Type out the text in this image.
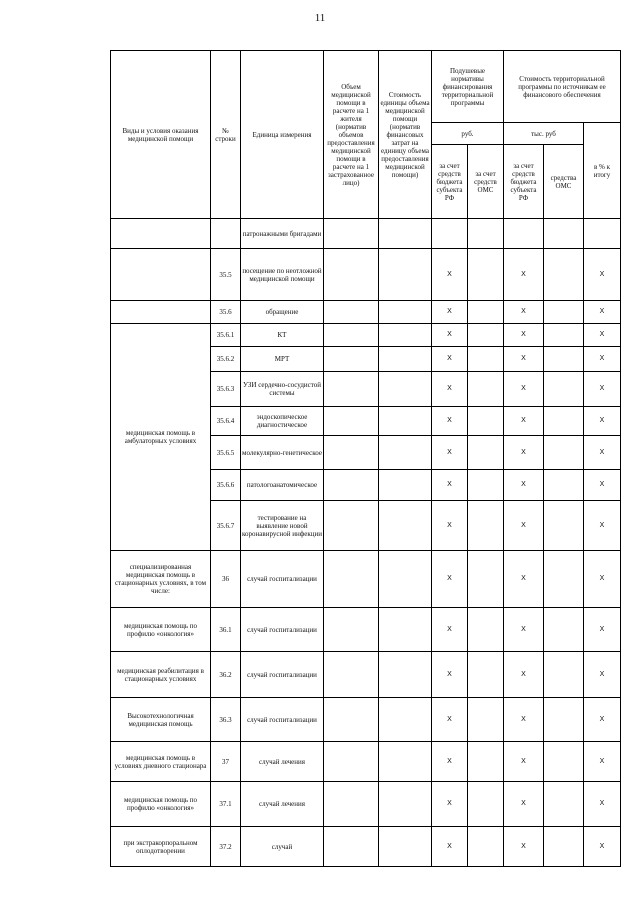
11
Виды и условия оказания медицинской помощи	№ строки	Единица измерения	Объем медицинской помощи в расчете на 1 жителя (норматив объемов предоставления медицинской помощи в расчете на 1 застрахованное лицо)	Стоимость единицы объема медицинской помощи (норматив финансовых затрат на единицу объема предоставления медицинской помощи)	Подушевые нормативы финансирования территориальной программы		Стоимость территориальной программы по источникам ее финансового обеспечения		
					руб.		тыс. руб		в % к итогу
					за счет средств бюджета субъекта РФ	за счет средств ОМС	за счет средств бюджета субъекта РФ	средства ОМС	
		патронажными бригадами							
	35.5	посещение по неотложной медицинской помощи			X		X		X
	35.6	обращение			X		X		X
медицинская помощь в амбулаторных условиях	35.6.1	КТ			X		X		X
	35.6.2	МРТ			X		X		X
	35.6.3	УЗИ сердечно-сосудистой системы			X		X		X
	35.6.4	эндоскопическое диагностическое			X		X		X
	35.6.5	молекулярно-генетическое			X		X		X
	35.6.6	патологоанатомическое			X		X		X
	35.6.7	тестирование на выявление новой коронавирусной инфекции			X		X		X
специализированная медицинская помощь в стационарных условиях, в том числе:	36	случай госпитализации			X		X		X
медицинская помощь по профилю «онкология»	36.1	случай госпитализации			X		X		X
медицинская реабилитация в стационарных условиях	36.2	случай госпитализации			X		X		X
Высокотехнологичная медицинская помощь	36.3	случай госпитализации			X		X		X
медицинская помощь в условиях дневного стационара	37	случай лечения			X		X		X
медицинская помощь по профилю «онкология»	37.1	случай лечения			X		X		X
при экстракорпоральном оплодотворении	37.2	случай			X		X		X
